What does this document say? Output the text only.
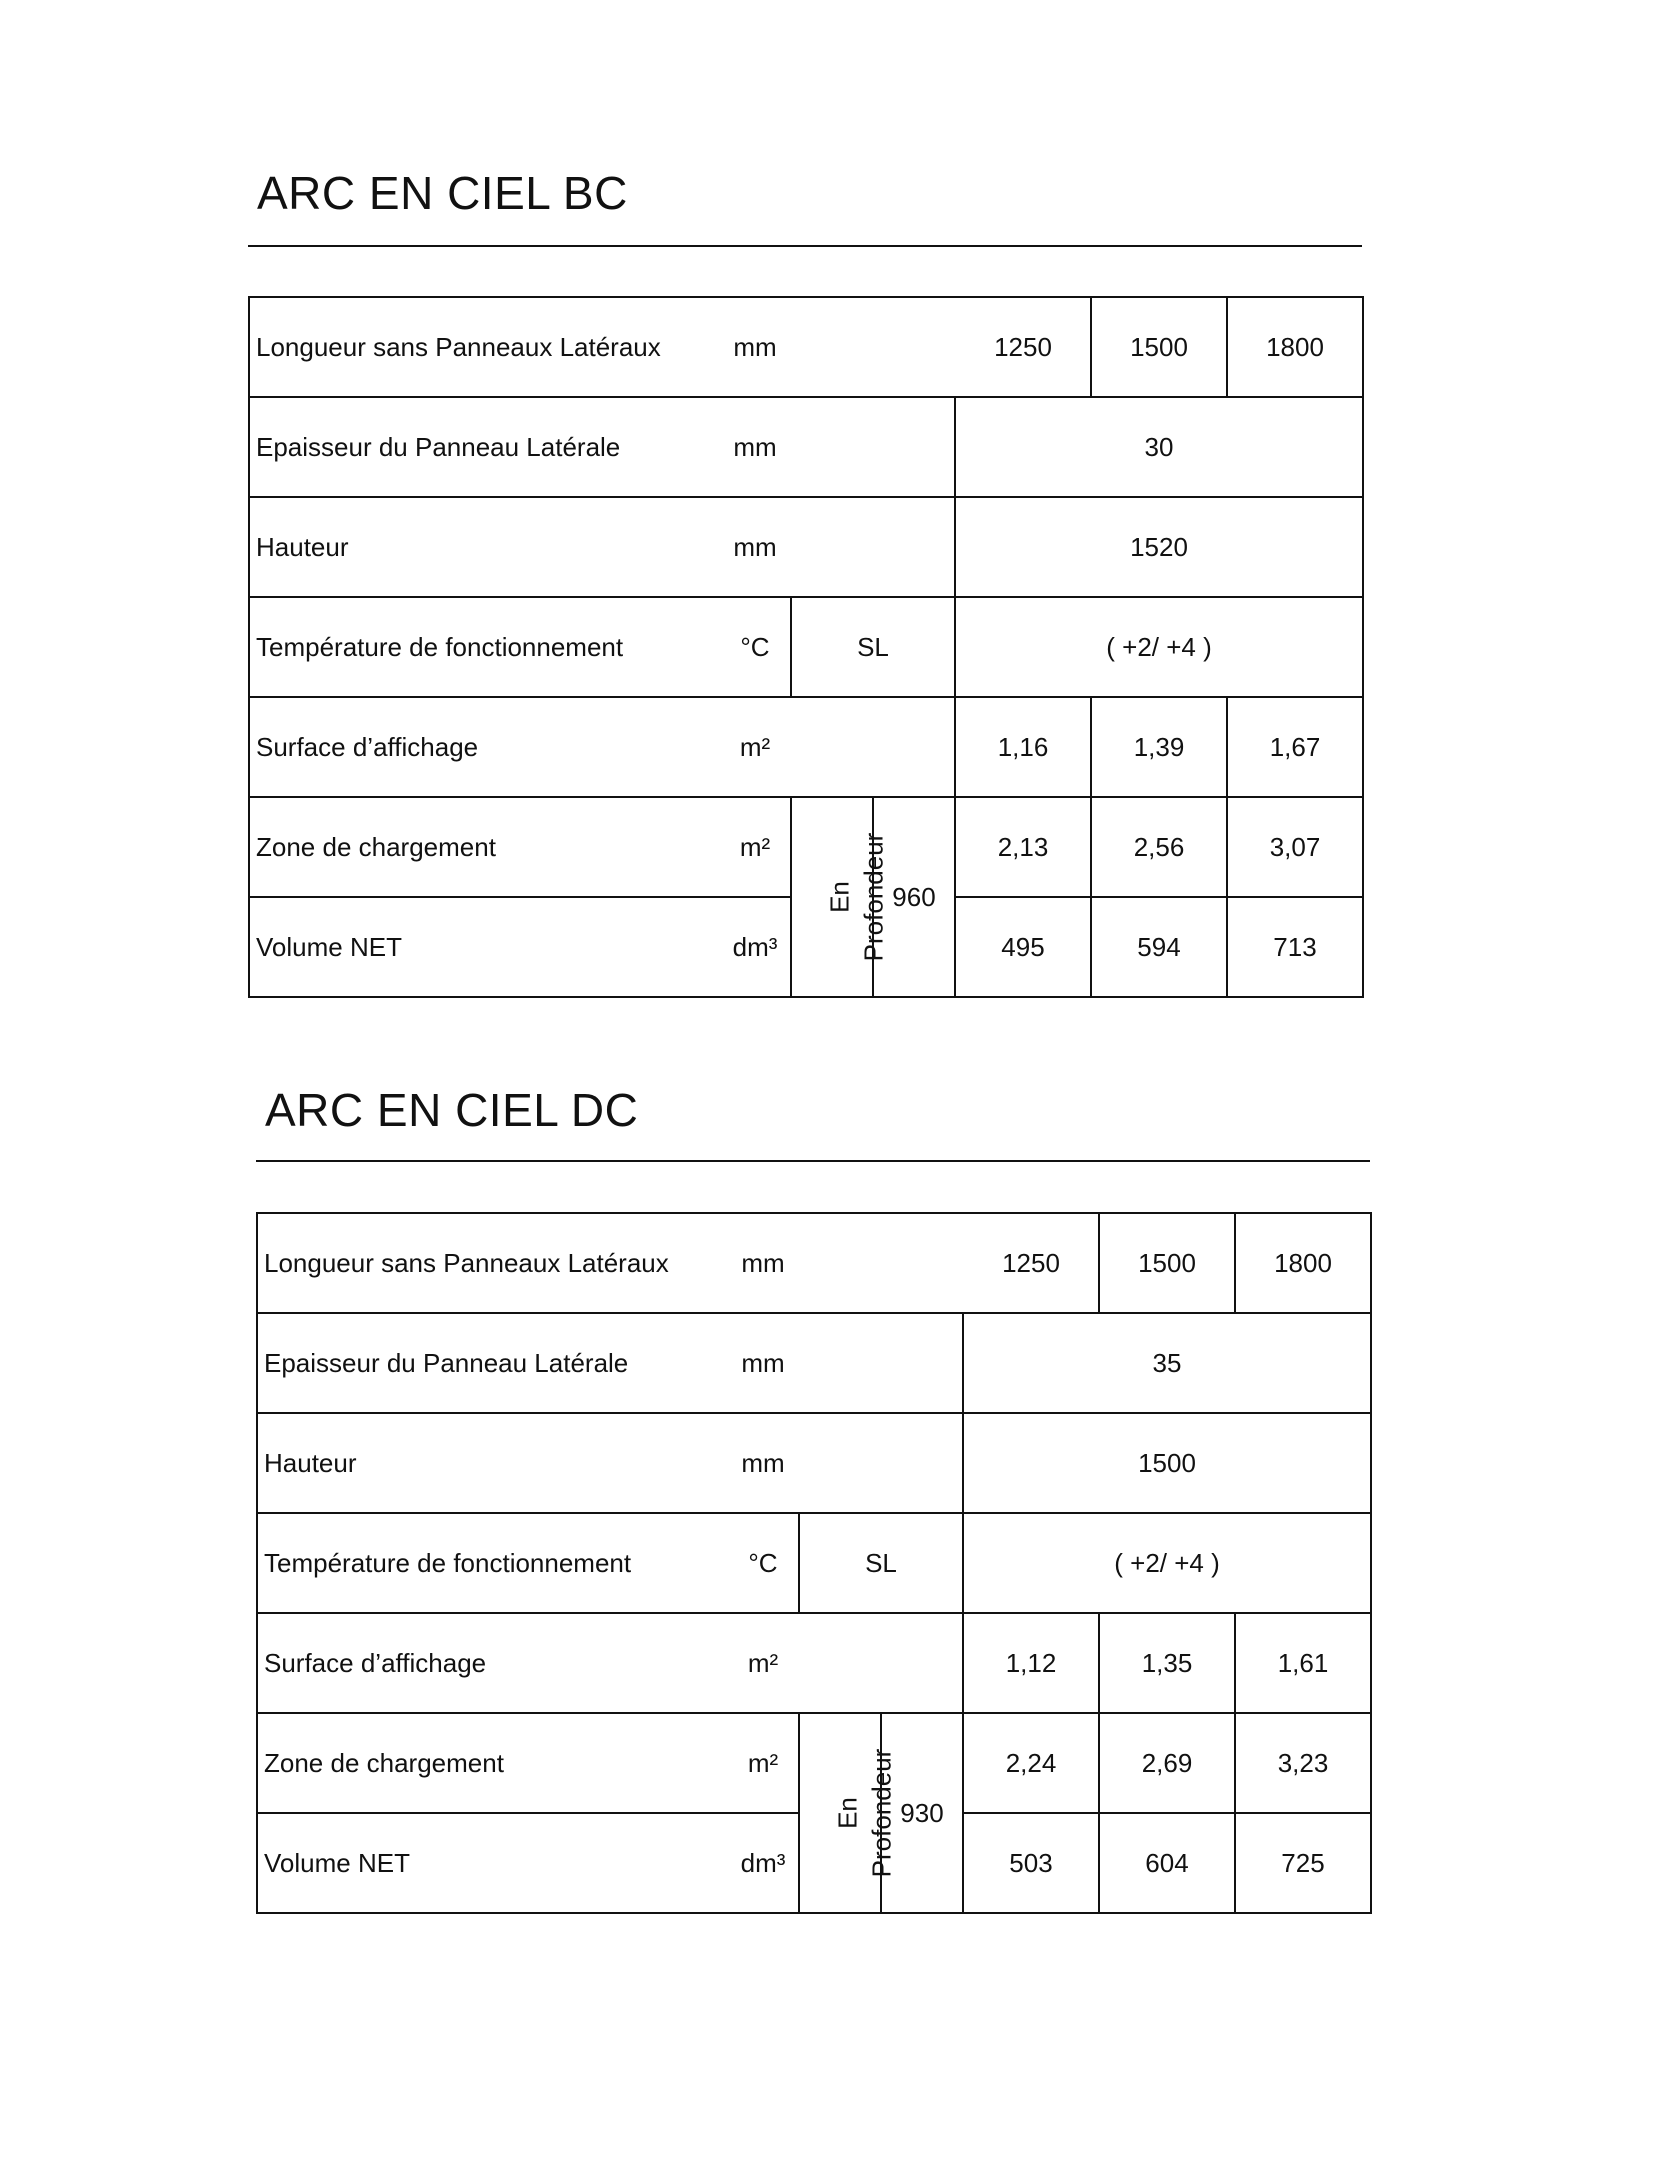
ARC EN CIEL BC
Longueur sans Panneaux Latéraux	mm			1250	1500	1800
Epaisseur du Panneau Latérale	mm			30		
Hauteur	mm			1520		
Température de fonctionnement	°C	SL		( +2/ +4 )		
Surface d’affichage	m²			1,16	1,39	1,67
Zone de chargement	m²	En Profondeur	960	2,13	2,56	3,07
Volume NET	dm³			495	594	713
ARC EN CIEL DC
Longueur sans Panneaux Latéraux	mm			1250	1500	1800
Epaisseur du Panneau Latérale	mm			35		
Hauteur	mm			1500		
Température de fonctionnement	°C	SL		( +2/ +4 )		
Surface d’affichage	m²			1,12	1,35	1,61
Zone de chargement	m²	En Profondeur	930	2,24	2,69	3,23
Volume NET	dm³			503	604	725
